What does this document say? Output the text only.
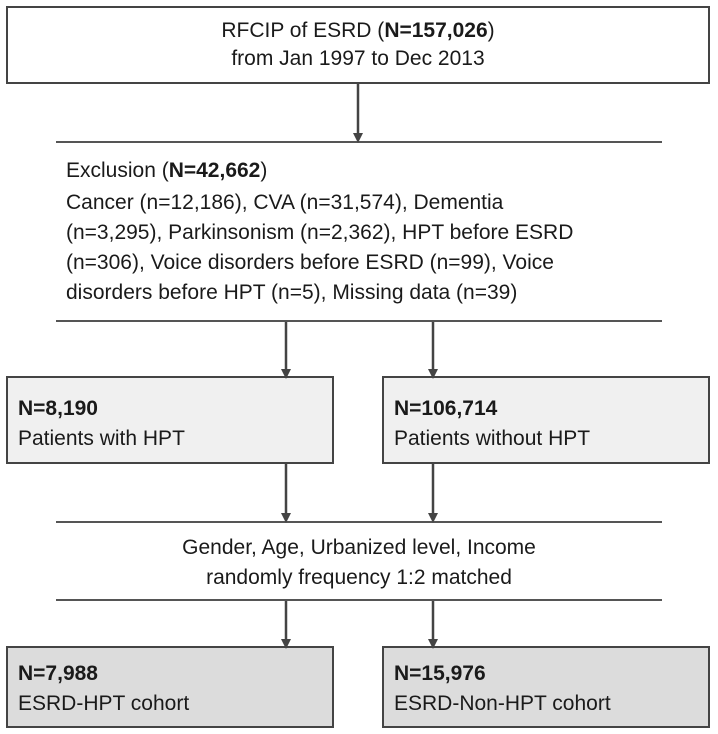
RFCIP of ESRD (N=157,026)
from Jan 1997 to Dec 2013
Exclusion (N=42,662)
Cancer (n=12,186), CVA (n=31,574), Dementia
(n=3,295), Parkinsonism (n=2,362), HPT before ESRD
(n=306), Voice disorders before ESRD (n=99), Voice
disorders before HPT (n=5), Missing data (n=39)
N=8,190
Patients with HPT
N=106,714
Patients without HPT
Gender, Age, Urbanized level, Income
randomly frequency 1:2 matched
N=7,988
ESRD-HPT cohort
N=15,976
ESRD-Non-HPT cohort
